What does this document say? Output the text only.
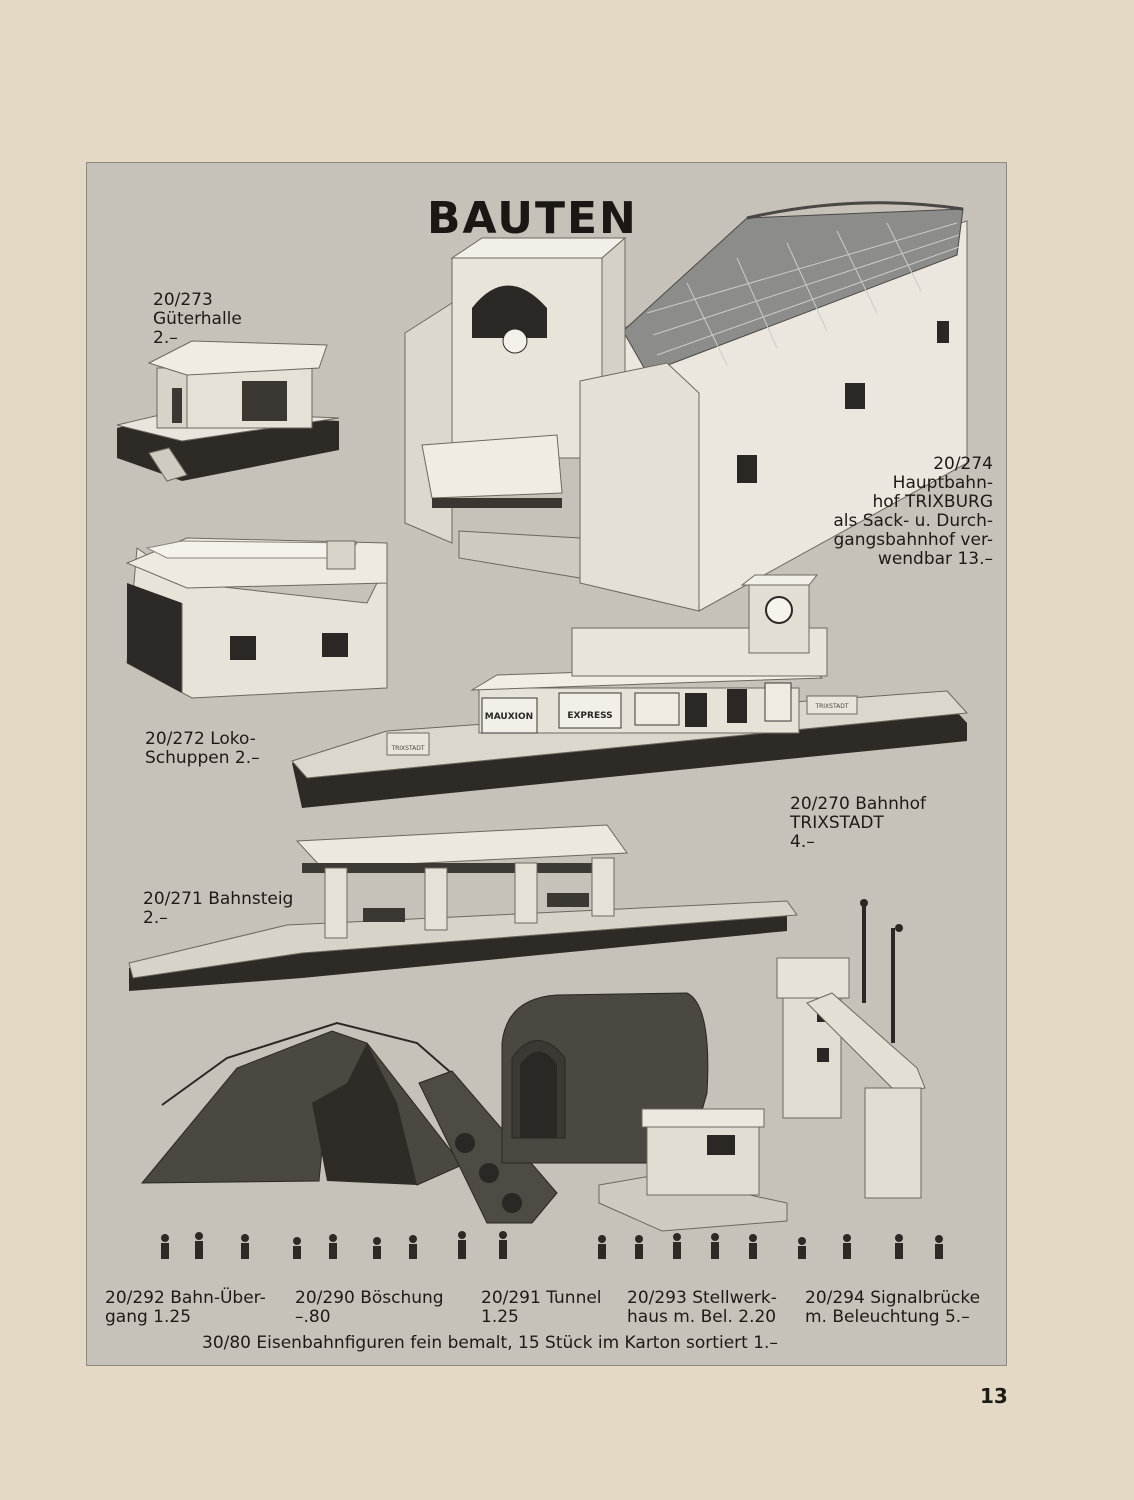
TRIXSTADT
TRIXSTADT
MAUXION	EXPRESS
BAUTEN
20/273
Güterhalle
2.–
20/274
Hauptbahn-
hof TRIXBURG
als Sack- u. Durch-
gangsbahnhof ver-
wendbar 13.–
20/272 Loko-
Schuppen 2.–
20/270 Bahnhof
TRIXSTADT
4.–
20/271 Bahnsteig
2.–
20/292 Bahn-Über-
gang 1.25
20/290 Böschung
–.80
20/291 Tunnel
1.25
20/293 Stellwerk-
haus m. Bel. 2.20
20/294 Signalbrücke
m. Beleuchtung 5.–
30/80 Eisenbahnfiguren fein bemalt, 15 Stück im Karton sortiert 1.–
13
